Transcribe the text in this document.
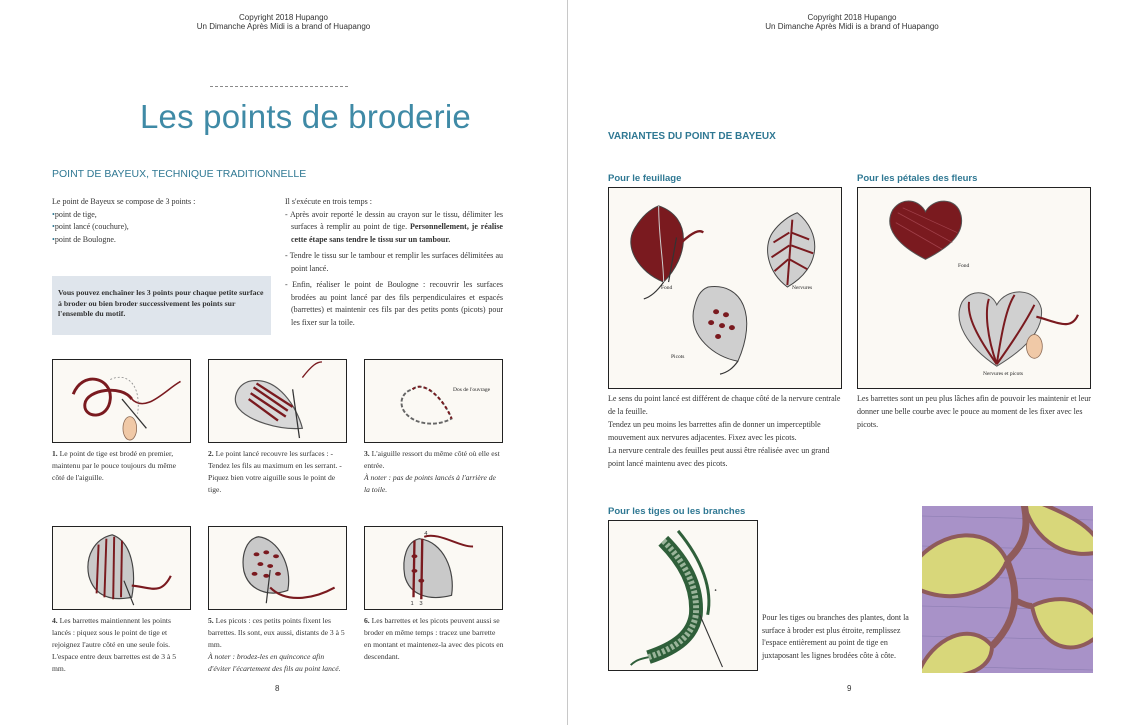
Copyright 2018 Hupango
Un Dimanche Après Midi is a brand of Huapango
Les points de broderie
POINT DE BAYEUX, TECHNIQUE TRADITIONNELLE
Le point de Bayeux se compose de 3 points :
• point de tige,
• point lancé (couchure),
• point de Boulogne.
Vous pouvez enchaîner les 3 points pour chaque petite surface à broder ou bien broder successivement les points sur l'ensemble du motif.
Il s'exécute en trois temps :
- Après avoir reporté le dessin au crayon sur le tissu, délimiter les surfaces à remplir au point de tige. Personnellement, je réalise cette étape sans tendre le tissu sur un tambour.
- Tendre le tissu sur le tambour et remplir les surfaces délimitées au point lancé.
- Enfin, réaliser le point de Boulogne : recouvrir les surfaces brodées au point lancé par des fils perpendiculaires et espacés (barrettes) et maintenir ces fils par des petits ponts (picots) pour les fixer sur la toile.
Dos de l'ouvrage
1. Le point de tige est brodé en premier, maintenu par le pouce toujours du même côté de l'aiguille.
2. Le point lancé recouvre les surfaces : - Tendez les fils au maximum en les serrant. - Piquez bien votre aiguille sous le point de tige.
3. L'aiguille ressort du même côté où elle est entrée.
À noter : pas de points lancés à l'arrière de la toile.
1 3
4
4. Les barrettes maintiennent les points lancés : piquez sous le point de tige et rejoignez l'autre côté en une seule fois. L'espace entre deux barrettes est de 3 à 5 mm.
5. Les picots : ces petits points fixent les barrettes. Ils sont, eux aussi, distants de 3 à 5 mm.
À noter : brodez-les en quinconce afin d'éviter l'écartement des fils au point lancé.
6. Les barrettes et les picots peuvent aussi se broder en même temps : tracez une barrette en montant et maintenez-la avec des picots en descendant.
8
Copyright 2018 Hupango
Un Dimanche Après Midi is a brand of Huapango
VARIANTES DU POINT DE BAYEUX
Pour le feuillage
Fond	Nervures
Picots
Le sens du point lancé est différent de chaque côté de la nervure centrale de la feuille.
Tendez un peu moins les barrettes afin de donner un imperceptible mouvement aux nervures adjacentes. Fixez avec les picots.
La nervure centrale des feuilles peut aussi être réalisée avec un grand point lancé maintenu avec des picots.
Pour les pétales des fleurs
Fond
Nervures et picots
Les barrettes sont un peu plus lâches afin de pouvoir les maintenir et leur donner une belle courbe avec le pouce au moment de les fixer avec les picots.
Pour les tiges ou les branches
Pour les tiges ou branches des plantes, dont la surface à broder est plus étroite, remplissez l'espace entièrement au point de tige en juxtaposant les lignes brodées côte à côte.
9
